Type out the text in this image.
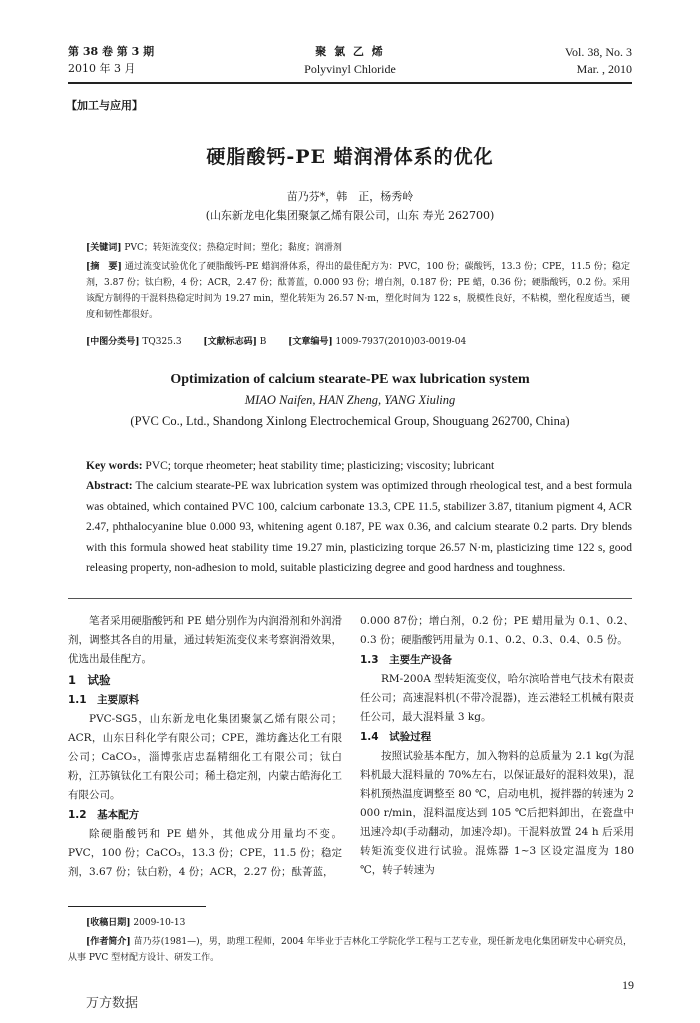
第 38 卷 第 3 期
2010 年 3 月
聚 氯 乙 烯
Polyvinyl Chloride
Vol. 38, No. 3
Mar. , 2010
【加工与应用】
硬脂酸钙-PE 蜡润滑体系的优化
苗乃芬*，韩　正，杨秀岭
(山东新龙电化集团聚氯乙烯有限公司，山东 寿光 262700)
[关键词] PVC；转矩流变仪；热稳定时间；塑化；黏度；润滑剂
[摘　要] 通过流变试验优化了硬脂酸钙-PE 蜡润滑体系，得出的最佳配方为：PVC，100 份；碳酸钙，13.3 份；CPE，11.5 份；稳定剂，3.87 份；钛白粉，4 份；ACR，2.47 份；酞菁蓝，0.000 93 份；增白剂，0.187 份；PE 蜡，0.36 份；硬脂酸钙，0.2 份。采用该配方制得的干混料热稳定时间为 19.27 min，塑化转矩为 26.57 N·m，塑化时间为 122 s，脱模性良好，不粘模，塑化程度适当，硬度和韧性都很好。
[中图分类号] TQ325.3 [文献标志码] B [文章编号] 1009-7937(2010)03-0019-04
Optimization of calcium stearate-PE wax lubrication system
MIAO Naifen, HAN Zheng, YANG Xiuling
(PVC Co., Ltd., Shandong Xinlong Electrochemical Group, Shouguang 262700, China)
Key words: PVC; torque rheometer; heat stability time; plasticizing; viscosity; lubricant
Abstract: The calcium stearate-PE wax lubrication system was optimized through rheological test, and a best formula was obtained, which contained PVC 100, calcium carbonate 13.3, CPE 11.5, stabilizer 3.87, titanium pigment 4, ACR 2.47, phthalocyanine blue 0.000 93, whitening agent 0.187, PE wax 0.36, and calcium stearate 0.2 parts. Dry blends with this formula showed heat stability time 19.27 min, plasticizing torque 26.57 N·m, plasticizing time 122 s, good releasing property, non-adhesion to mold, suitable plasticizing degree and good hardness and toughness.
笔者采用硬脂酸钙和 PE 蜡分别作为内润滑剂和外润滑剂，调整其各自的用量，通过转矩流变仪来考察润滑效果，优选出最佳配方。
1　试验
1.1　主要原料
PVC-SG5，山东新龙电化集团聚氯乙烯有限公司；ACR，山东日科化学有限公司；CPE，潍坊鑫达化工有限公司；CaCO₃，淄博张店忠磊精细化工有限公司；钛白粉，江苏镇钛化工有限公司；稀土稳定剂，内蒙古皓海化工有限公司。
1.2　基本配方
除硬脂酸钙和 PE 蜡外，其他成分用量均不变。PVC，100 份；CaCO₃，13.3 份；CPE，11.5 份；稳定剂，3.67 份；钛白粉，4 份；ACR，2.27 份；酞菁蓝，
0.000 87份；增白剂，0.2 份；PE 蜡用量为 0.1、0.2、0.3 份；硬脂酸钙用量为 0.1、0.2、0.3、0.4、0.5 份。
1.3　主要生产设备
RM-200A 型转矩流变仪，哈尔滨哈普电气技术有限责任公司；高速混料机(不带冷混器)，连云港轻工机械有限责任公司，最大混料量 3 kg。
1.4　试验过程
按照试验基本配方，加入物料的总质量为 2.1 kg(为混料机最大混料量的 70%左右，以保证最好的混料效果)，混料机预热温度调整至 80 ℃，启动电机，搅拌器的转速为 2 000 r/min，混料温度达到 105 ℃后把料卸出，在瓷盘中迅速冷却(手动翻动，加速冷却)。干混料放置 24 h 后采用转矩流变仪进行试验。混炼器 1~3 区设定温度为 180 ℃，转子转速为
[收稿日期] 2009-10-13
[作者简介] 苗乃芬(1981—)，男，助理工程师，2004 年毕业于吉林化工学院化学工程与工艺专业，现任新龙电化集团研发中心研究员，从事 PVC 型材配方设计、研发工作。
19
万方数据
